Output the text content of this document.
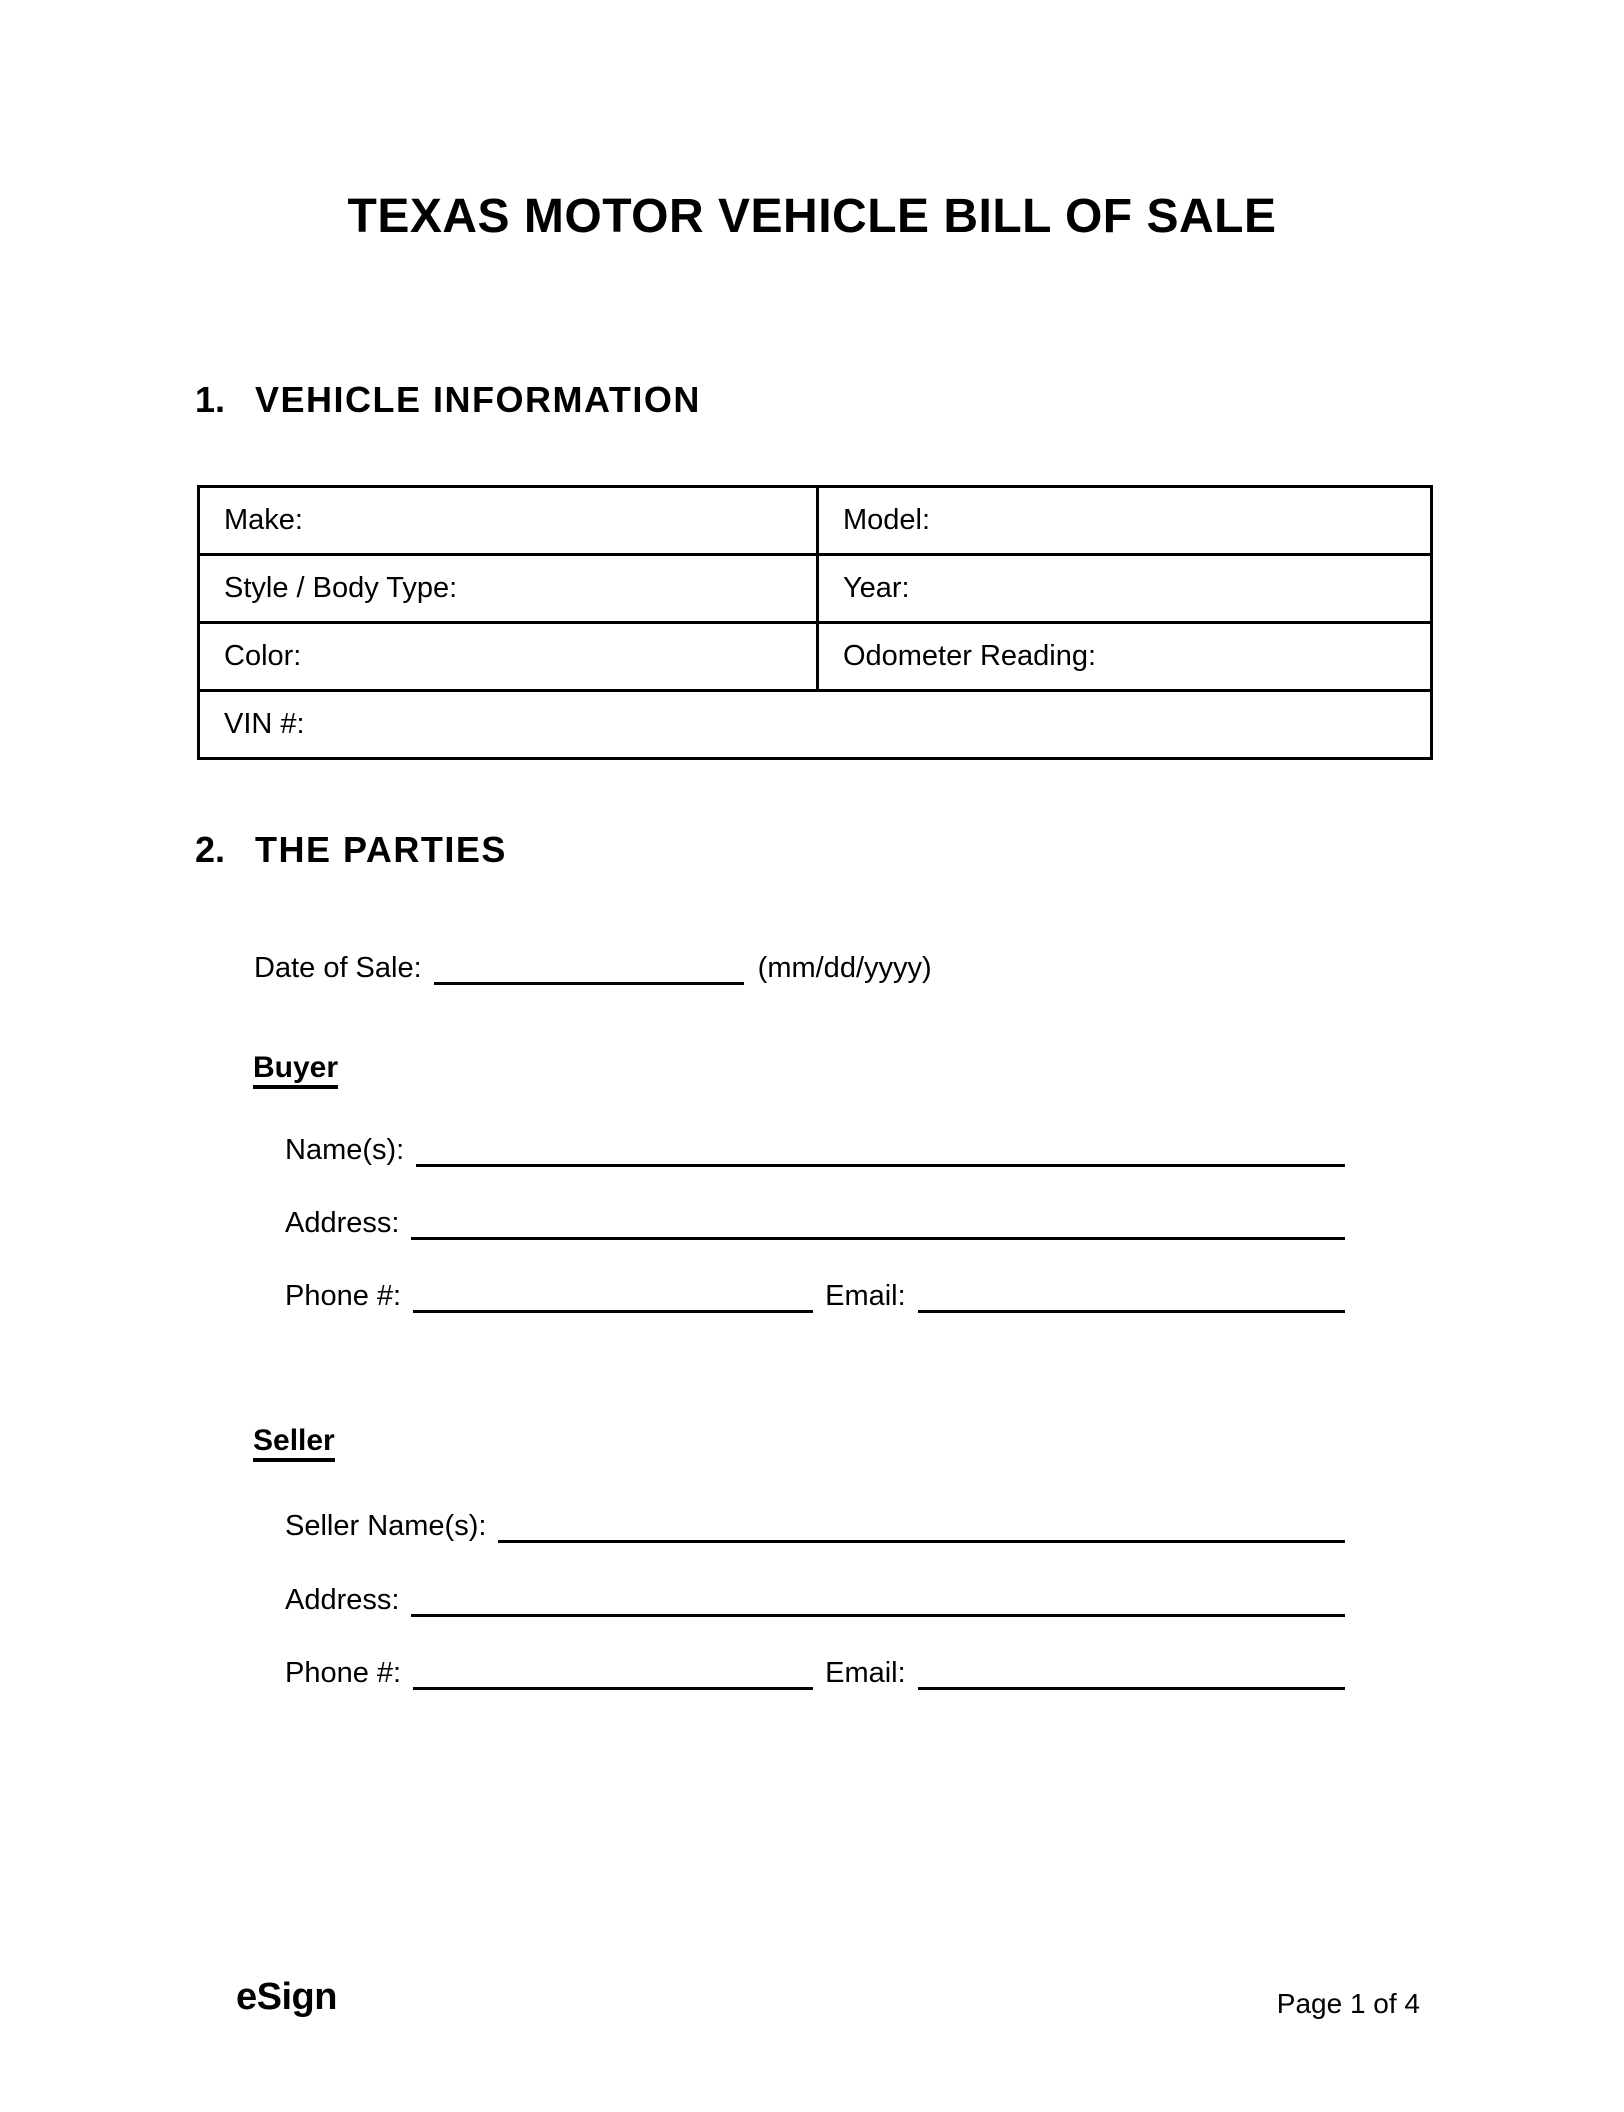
TEXAS MOTOR VEHICLE BILL OF SALE
1. VEHICLE INFORMATION
Make:	Model:
Style / Body Type:	Year:
Color:	Odometer Reading:
VIN #:	
2. THE PARTIES
Date of Sale:	(mm/dd/yyyy)
Buyer
Name(s):
Address:
Phone #:	Email:
Seller
Seller Name(s):
Address:
Phone #:	Email:
eSign	Page 1 of 4
